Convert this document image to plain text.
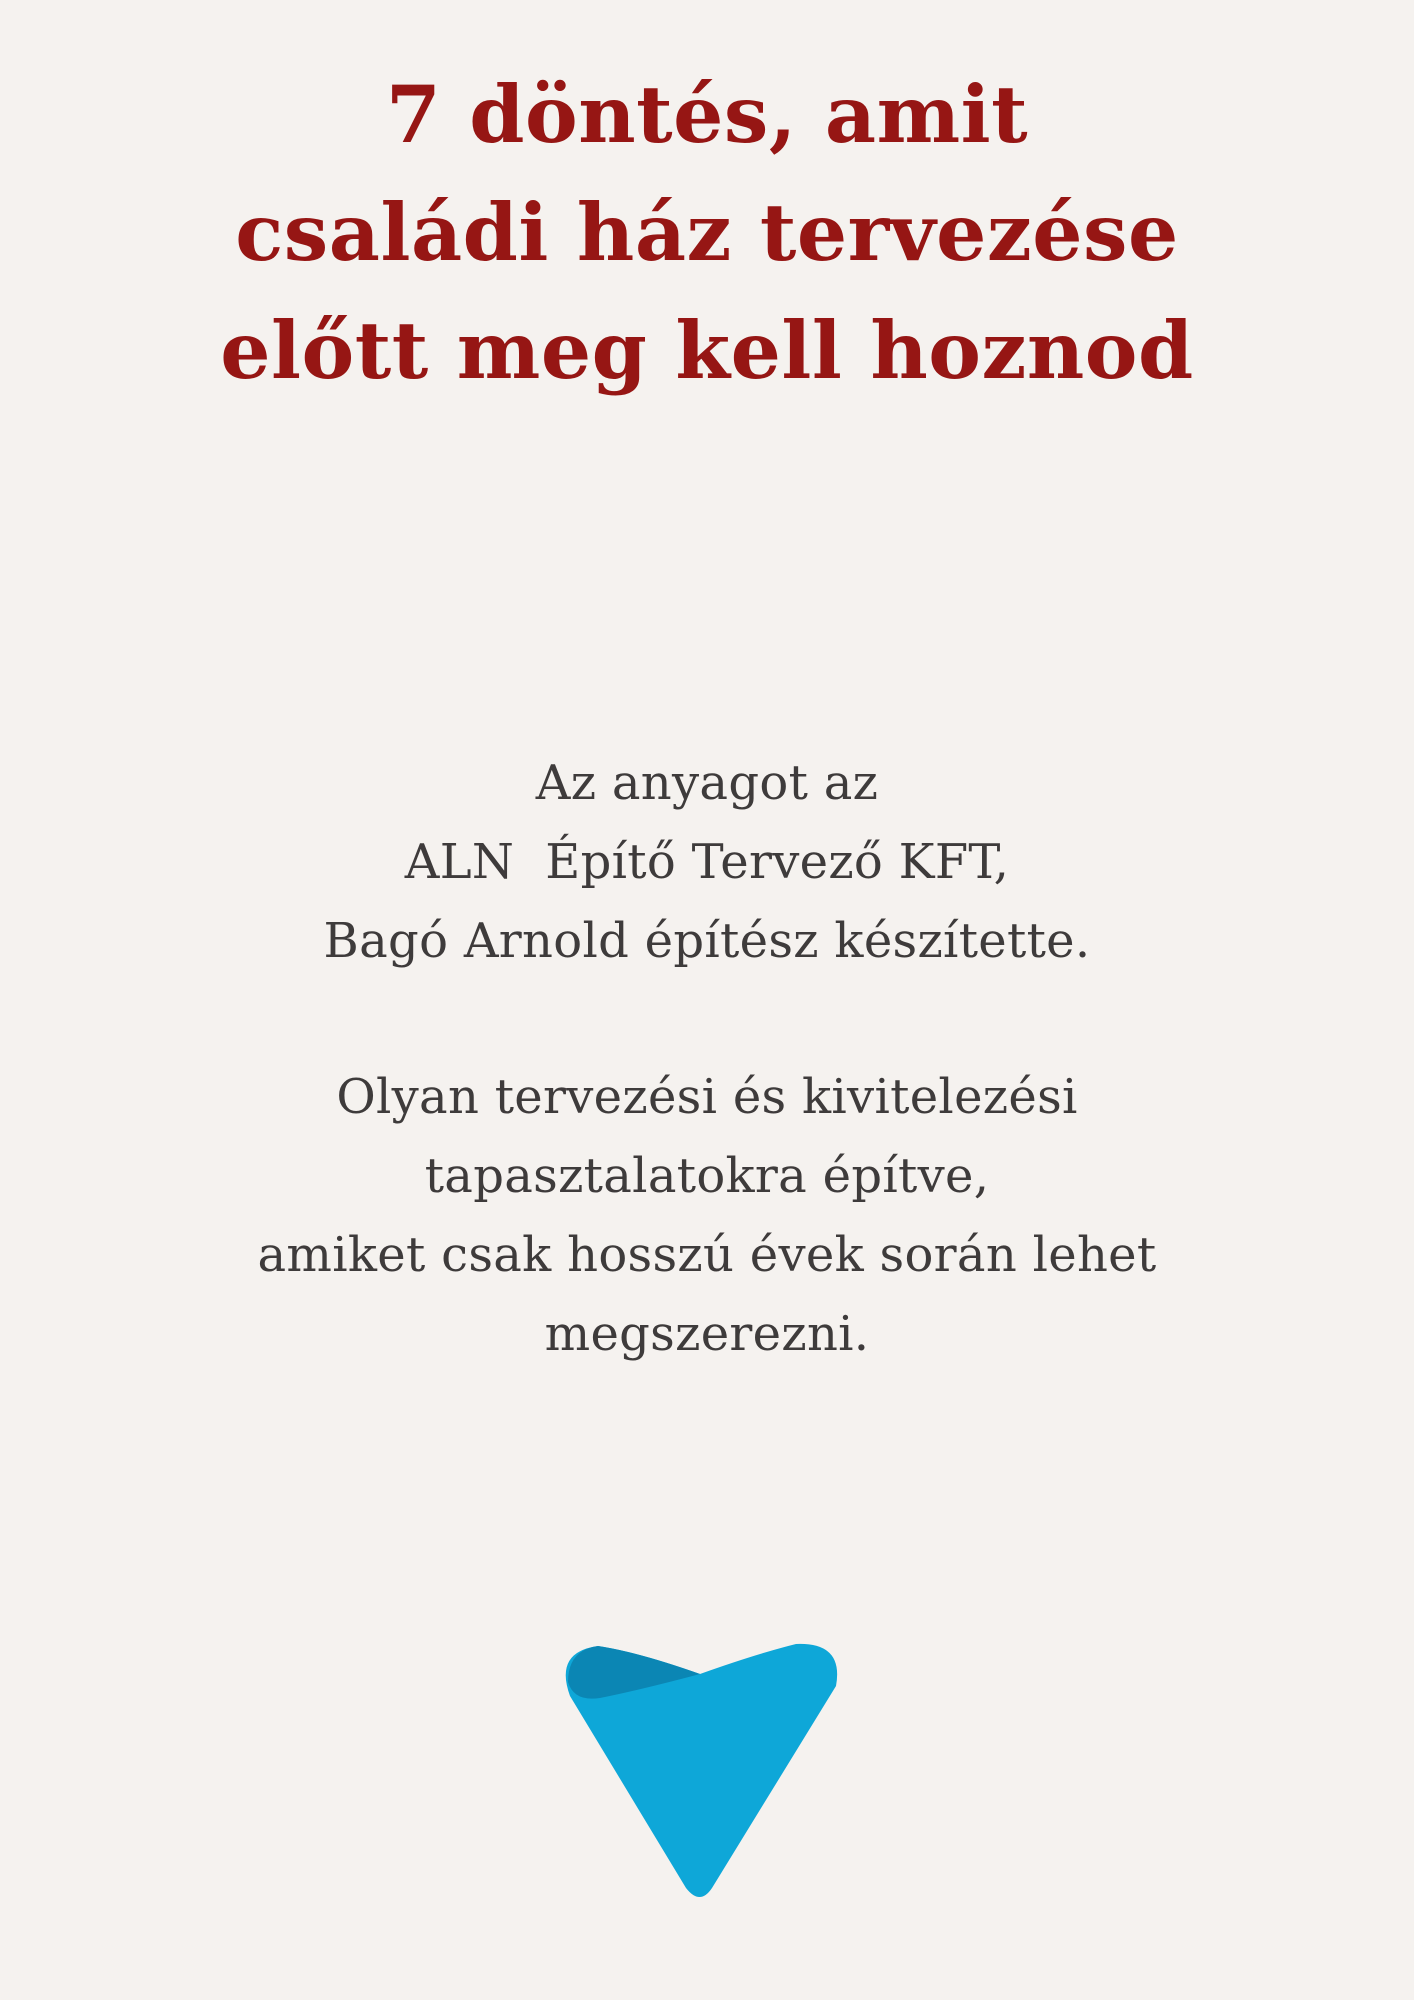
7 döntés, amit
családi ház tervezése
előtt meg kell hoznod
Az anyagot az
ALN  Építő Tervező KFT,
Bagó Arnold építész készítette.
Olyan tervezési és kivitelezési
tapasztalatokra építve,
amiket csak hosszú évek során lehet
megszerezni.
